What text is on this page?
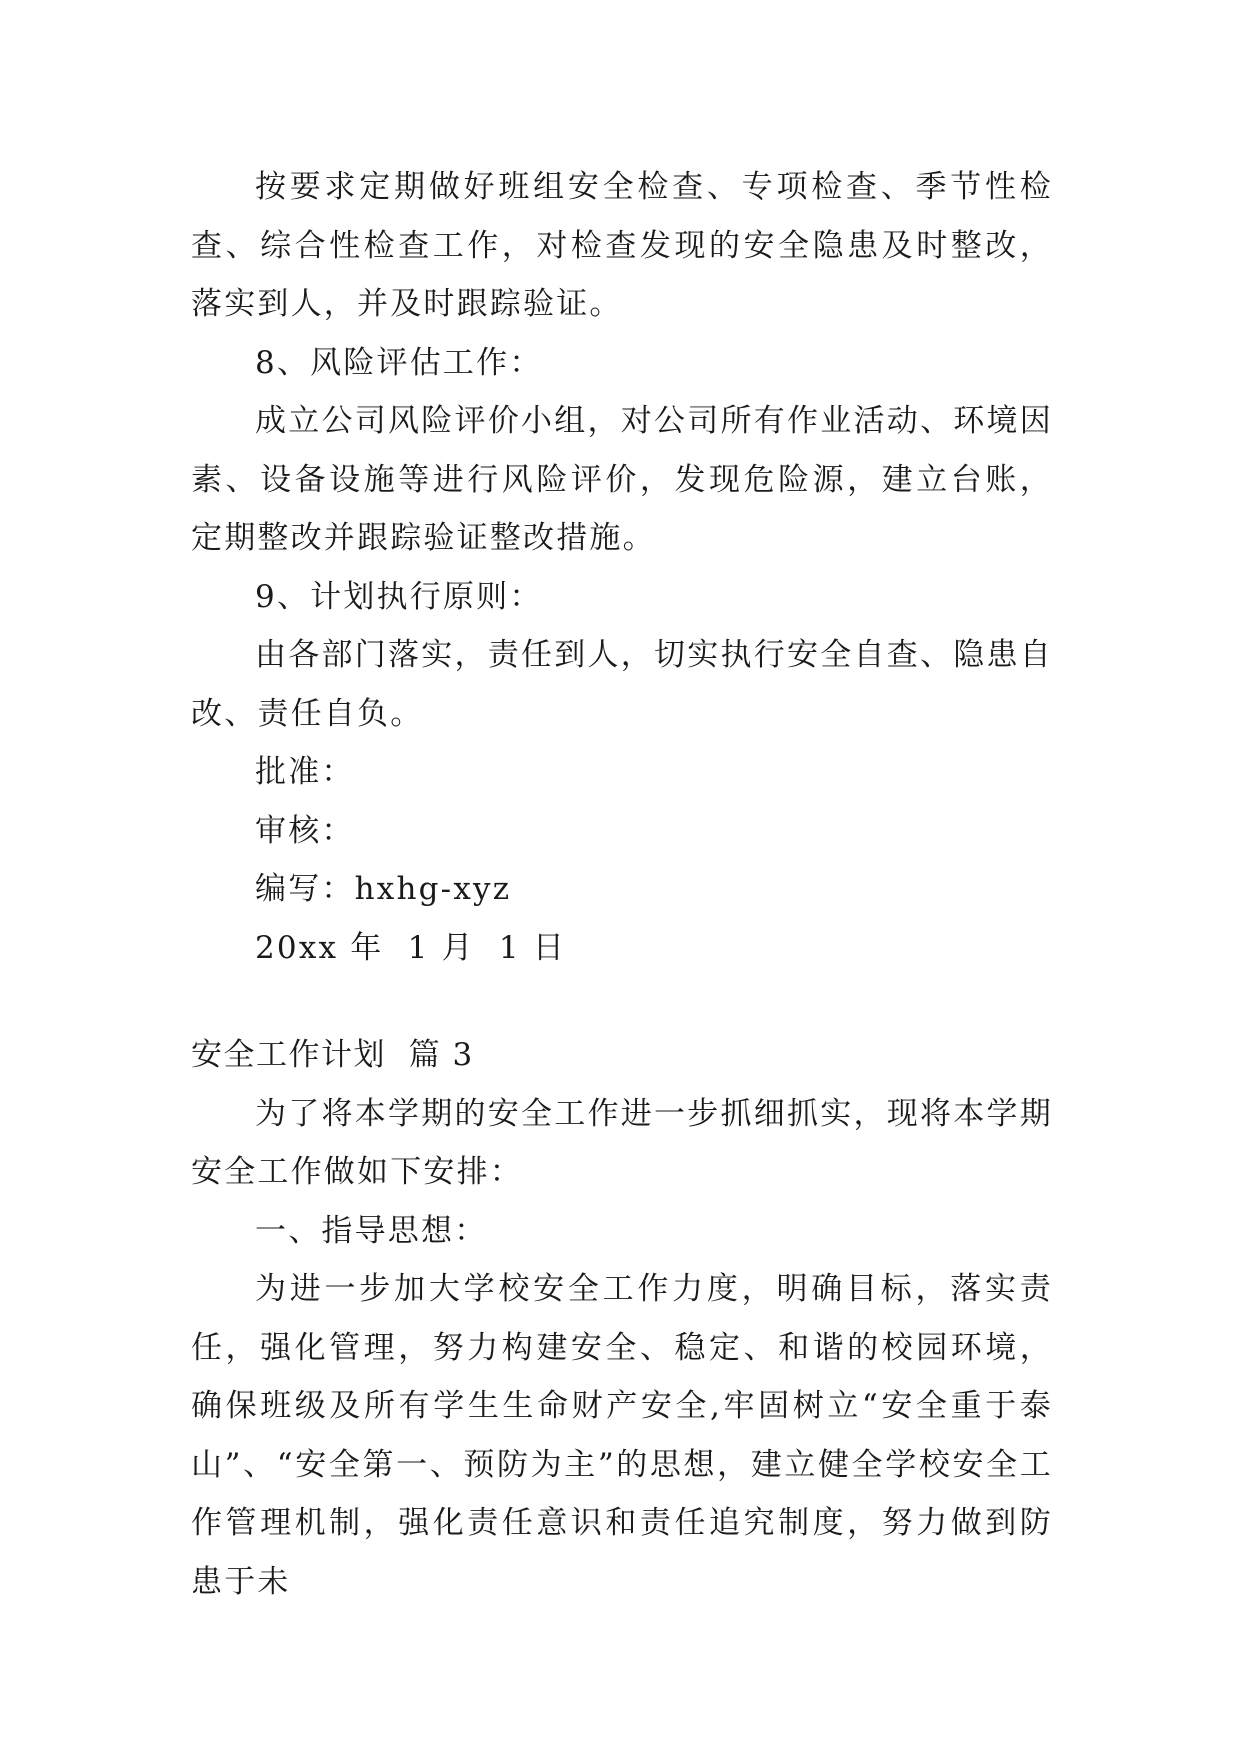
按要求定期做好班组安全检查、专项检查、季节性检查、综合性检查工作，对检查发现的安全隐患及时整改，落实到人，并及时跟踪验证。

8、风险评估工作：

成立公司风险评价小组，对公司所有作业活动、环境因素、设备设施等进行风险评价，发现危险源，建立台账，定期整改并跟踪验证整改措施。

9、计划执行原则：

由各部门落实，责任到人，切实执行安全自查、隐患自改、责任自负。

批准：

审核：

编写：hxhg-xyz

20xx 年  1 月  1 日

安全工作计划  篇 3

为了将本学期的安全工作进一步抓细抓实，现将本学期安全工作做如下安排：

一、指导思想：

为进一步加大学校安全工作力度，明确目标，落实责任，强化管理，努力构建安全、稳定、和谐的校园环境，确保班级及所有学生生命财产安全,牢固树立“安全重于泰山”、“安全第一、预防为主”的思想，建立健全学校安全工作管理机制，强化责任意识和责任追究制度，努力做到防患于未
